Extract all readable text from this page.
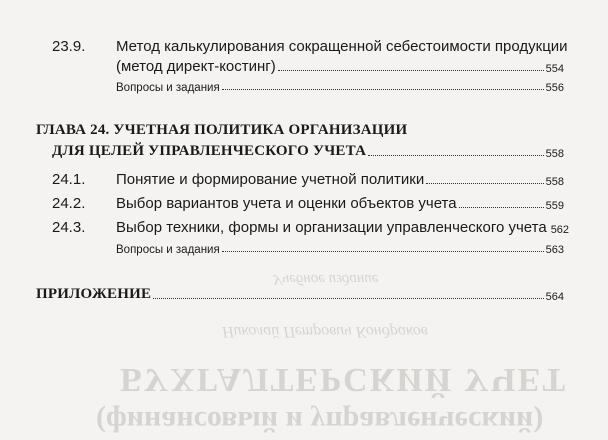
Учебное издание
Николай Петрович Кондраков
БУХГАЛТЕРСКИЙ УЧЕТ
(финансовый и управленческий)
23.9. Метод калькулирования сокращенной себестоимости продукции
(метод директ-костинг)	554
Вопросы и задания	556
ГЛАВА 24. УЧЕТНАЯ ПОЛИТИКА ОРГАНИЗАЦИИ
ДЛЯ ЦЕЛЕЙ УПРАВЛЕНЧЕСКОГО УЧЕТА	558
24.1. Понятие и формирование учетной политики	558
24.2. Выбор вариантов учета и оценки объектов учета	559
24.3. Выбор техники, формы и организации управленческого учета 562
Вопросы и задания	563
ПРИЛОЖЕНИЕ	564
